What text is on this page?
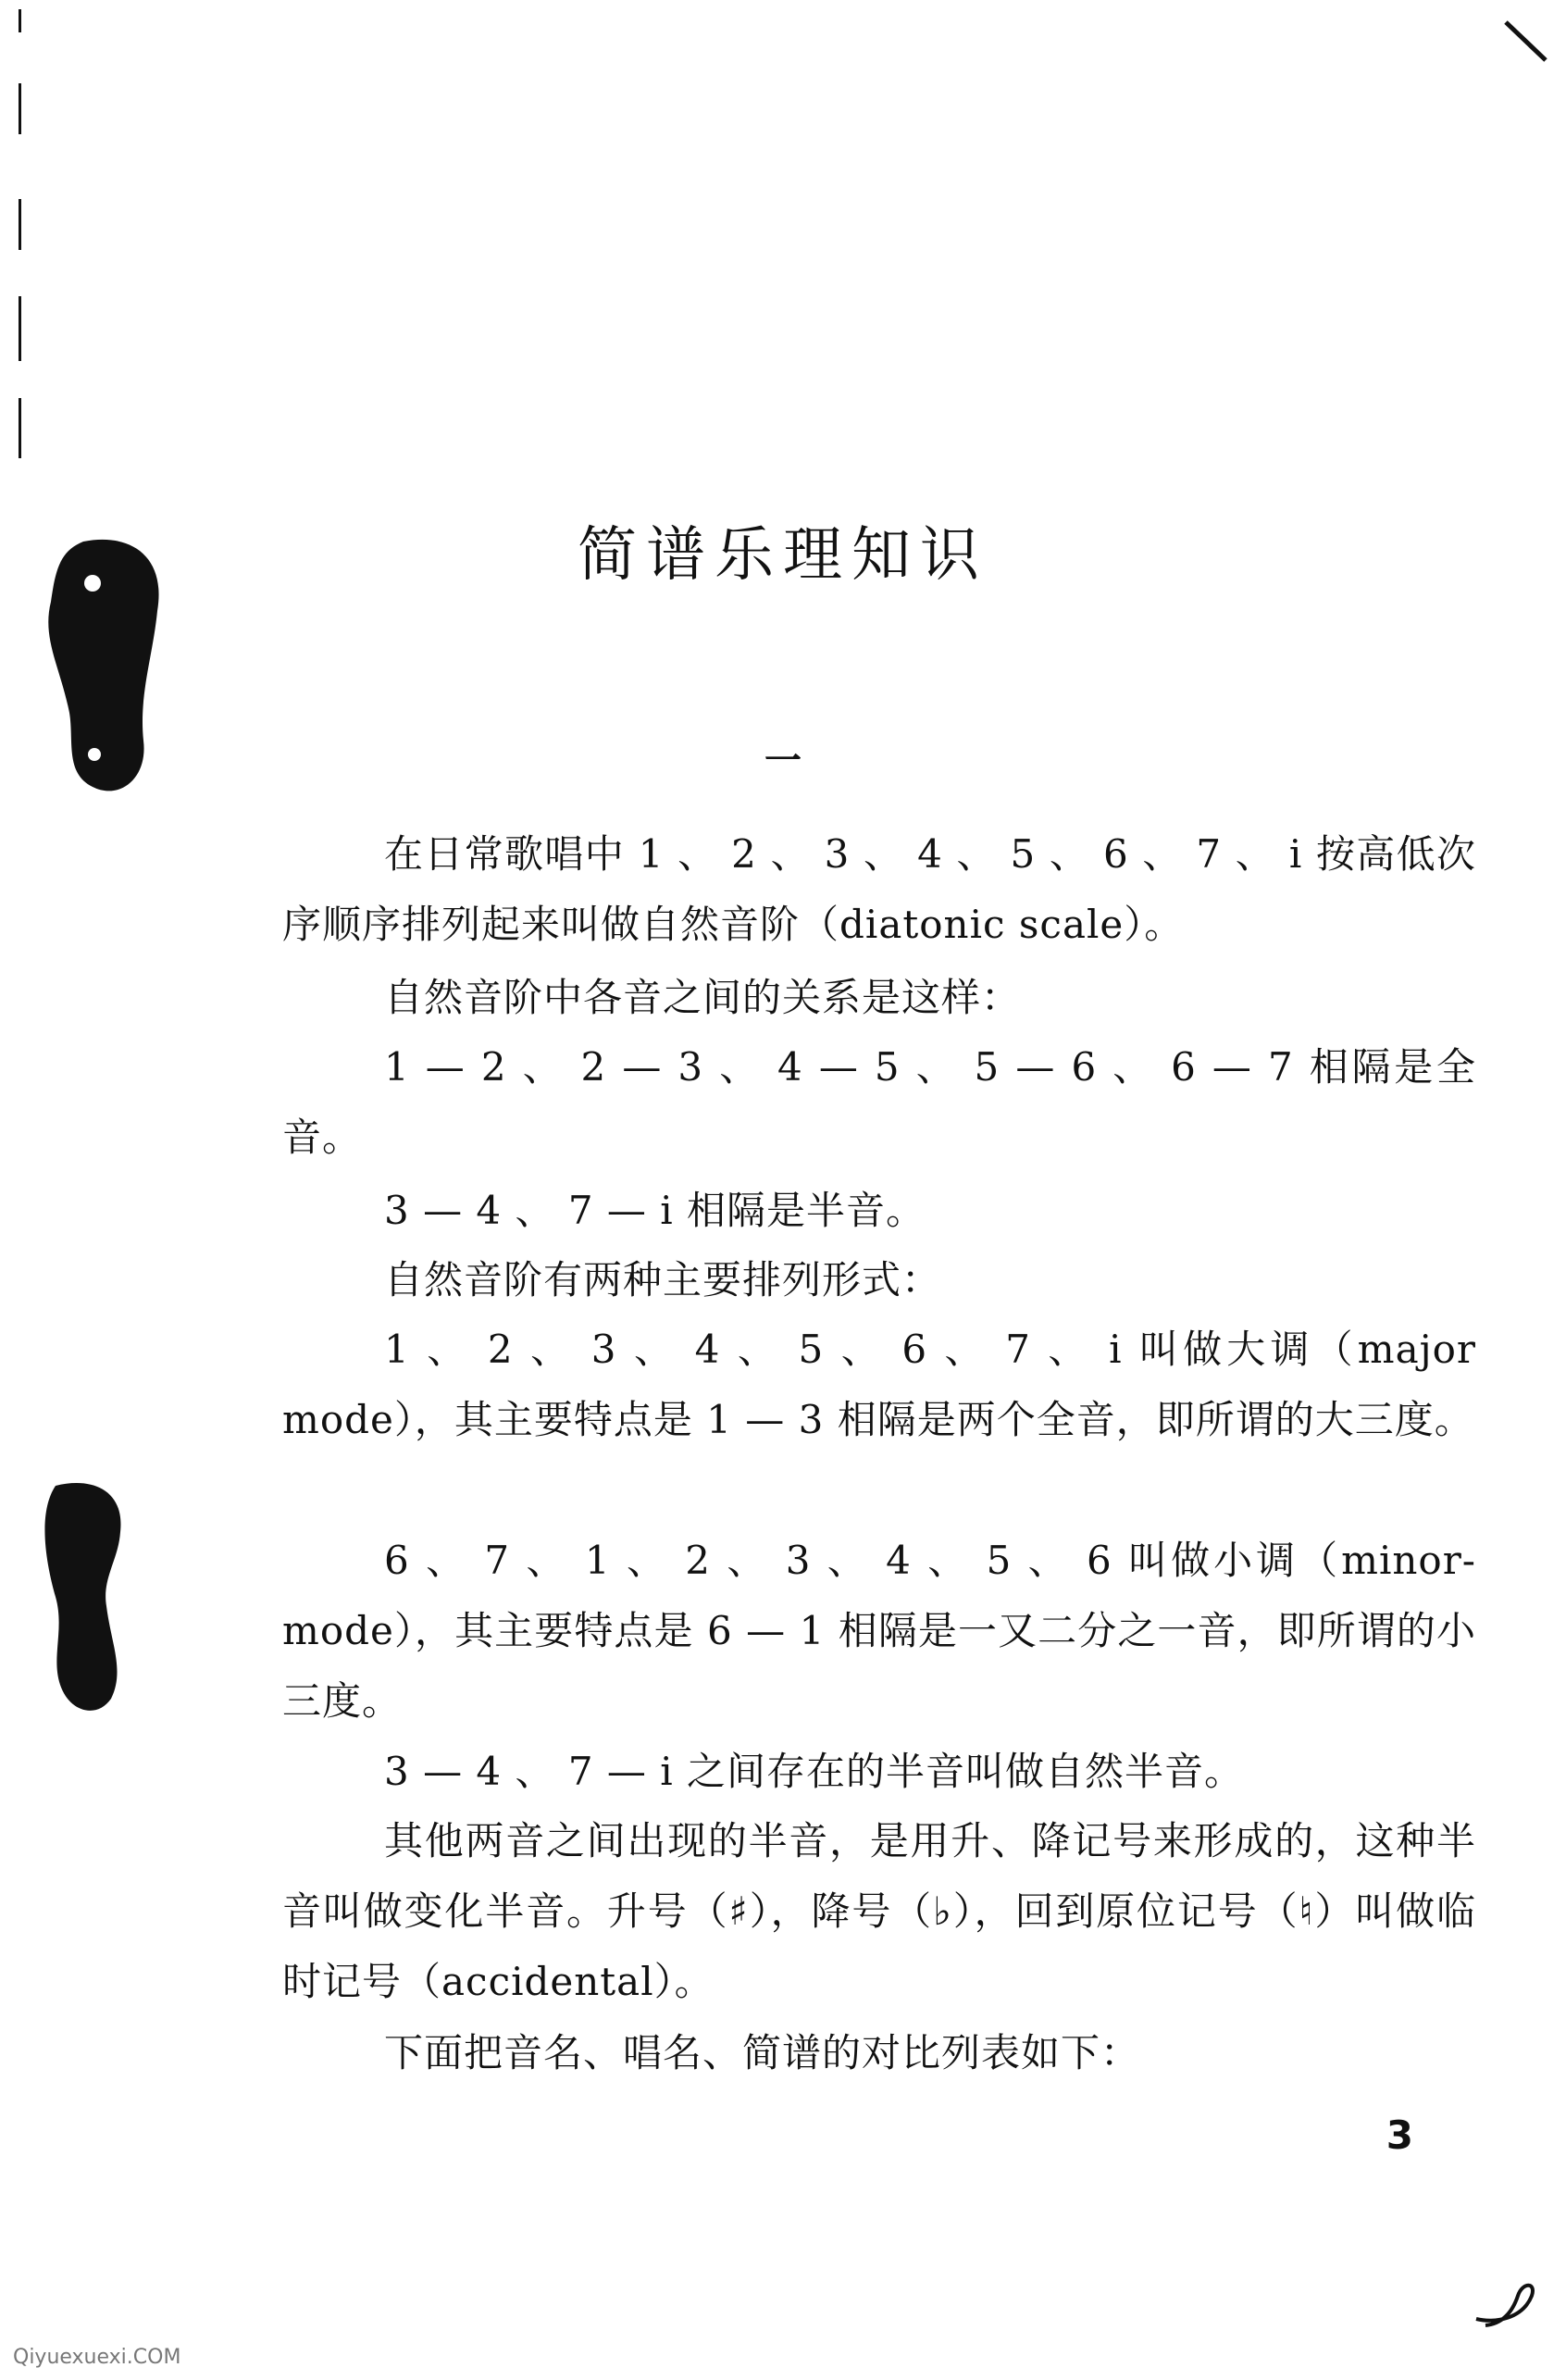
简谱乐理知识
一
在日常歌唱中 1 、 2 、 3 、 4 、 5 、 6 、 7 、 i 按高低次序顺序排列起来叫做自然音阶（diatonic scale）。
自然音阶中各音之间的关系是这样：
1 — 2 、 2 — 3 、 4 — 5 、 5 — 6 、 6 — 7 相隔是全音。
3 — 4 、 7 — i 相隔是半音。
自然音阶有两种主要排列形式：
1 、 2 、 3 、 4 、 5 、 6 、 7 、 i 叫做大调（major mode），其主要特点是 1 — 3 相隔是两个全音，即所谓的大三度。
6 、 7 、 1 、 2 、 3 、 4 、 5 、 6 叫做小调（minor-mode），其主要特点是 6 — 1 相隔是一又二分之一音，即所谓的小三度。
3 — 4 、 7 — i 之间存在的半音叫做自然半音。
其他两音之间出现的半音，是用升、降记号来形成的，这种半音叫做变化半音。升号（♯），降号（♭），回到原位记号（♮）叫做临时记号（accidental）。
下面把音名、唱名、简谱的对比列表如下：
3
Qiyuexuexi.COM
